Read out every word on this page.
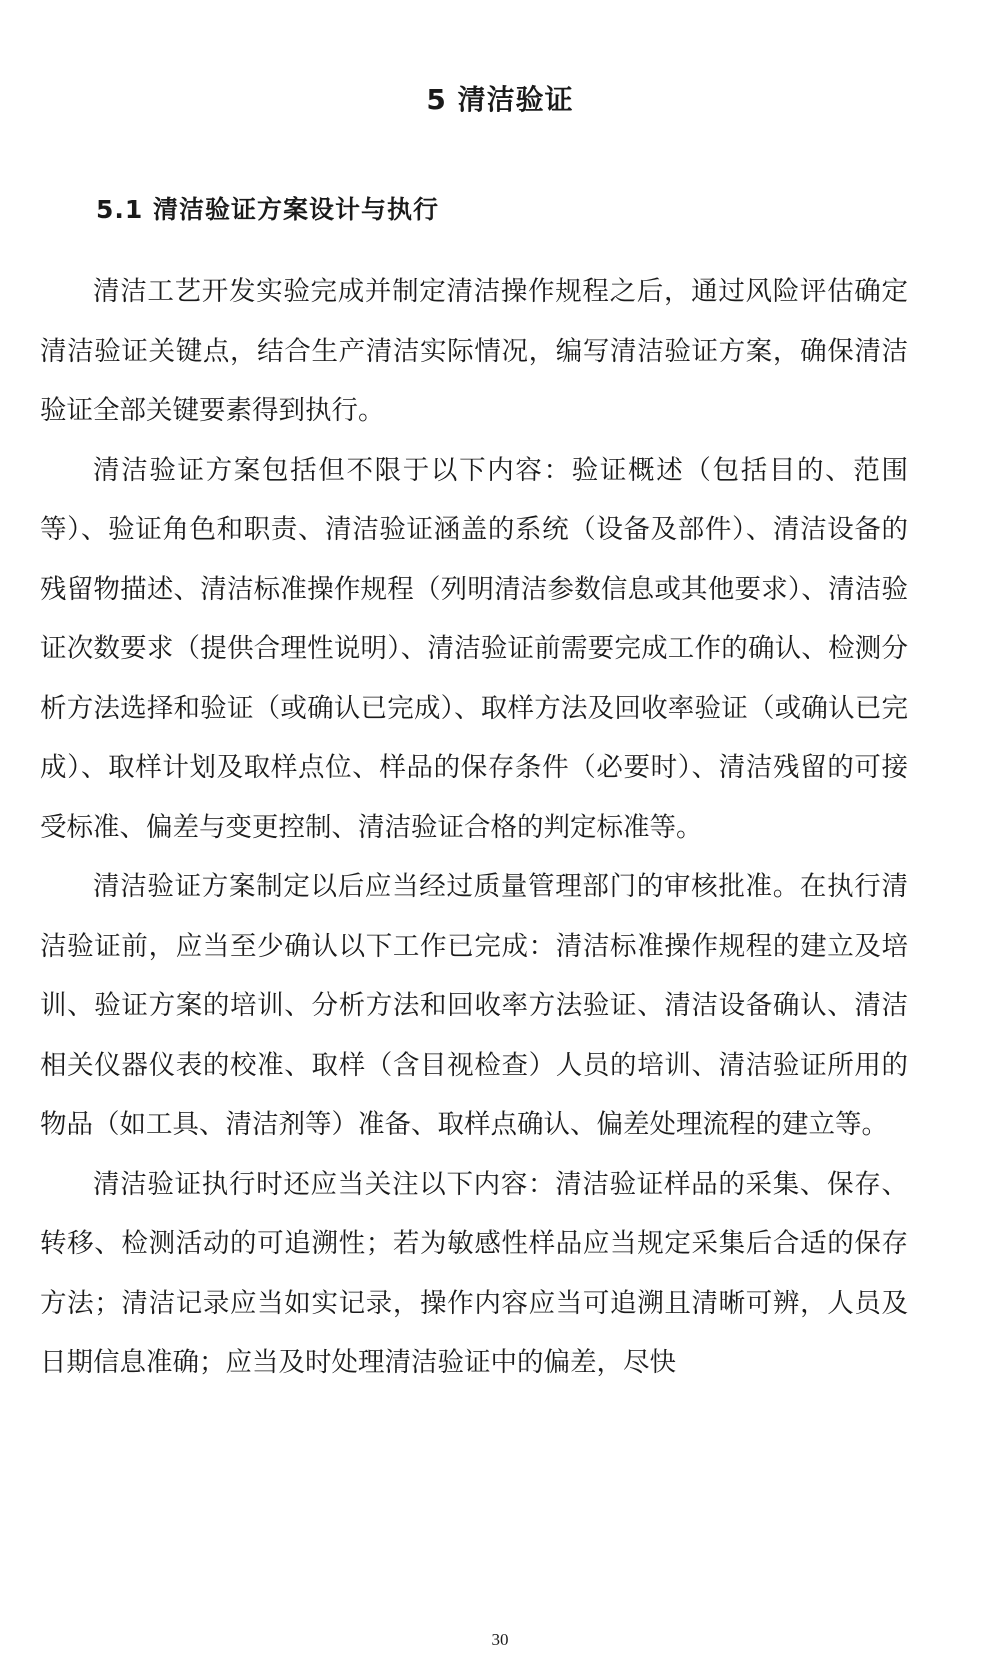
5 清洁验证
5.1 清洁验证方案设计与执行

清洁工艺开发实验完成并制定清洁操作规程之后，通过风险评估确定清洁验证关键点，结合生产清洁实际情况，编写清洁验证方案，确保清洁验证全部关键要素得到执行。

清洁验证方案包括但不限于以下内容：验证概述（包括目的、范围等）、验证角色和职责、清洁验证涵盖的系统（设备及部件）、清洁设备的残留物描述、清洁标准操作规程（列明清洁参数信息或其他要求）、清洁验证次数要求（提供合理性说明）、清洁验证前需要完成工作的确认、检测分析方法选择和验证（或确认已完成）、取样方法及回收率验证（或确认已完成）、取样计划及取样点位、样品的保存条件（必要时）、清洁残留的可接受标准、偏差与变更控制、清洁验证合格的判定标准等。

清洁验证方案制定以后应当经过质量管理部门的审核批准。在执行清洁验证前，应当至少确认以下工作已完成：清洁标准操作规程的建立及培训、验证方案的培训、分析方法和回收率方法验证、清洁设备确认、清洁相关仪器仪表的校准、取样（含目视检查）人员的培训、清洁验证所用的物品（如工具、清洁剂等）准备、取样点确认、偏差处理流程的建立等。

清洁验证执行时还应当关注以下内容：清洁验证样品的采集、保存、转移、检测活动的可追溯性；若为敏感性样品应当规定采集后合适的保存方法；清洁记录应当如实记录，操作内容应当可追溯且清晰可辨，人员及日期信息准确；应当及时处理清洁验证中的偏差，尽快

30
